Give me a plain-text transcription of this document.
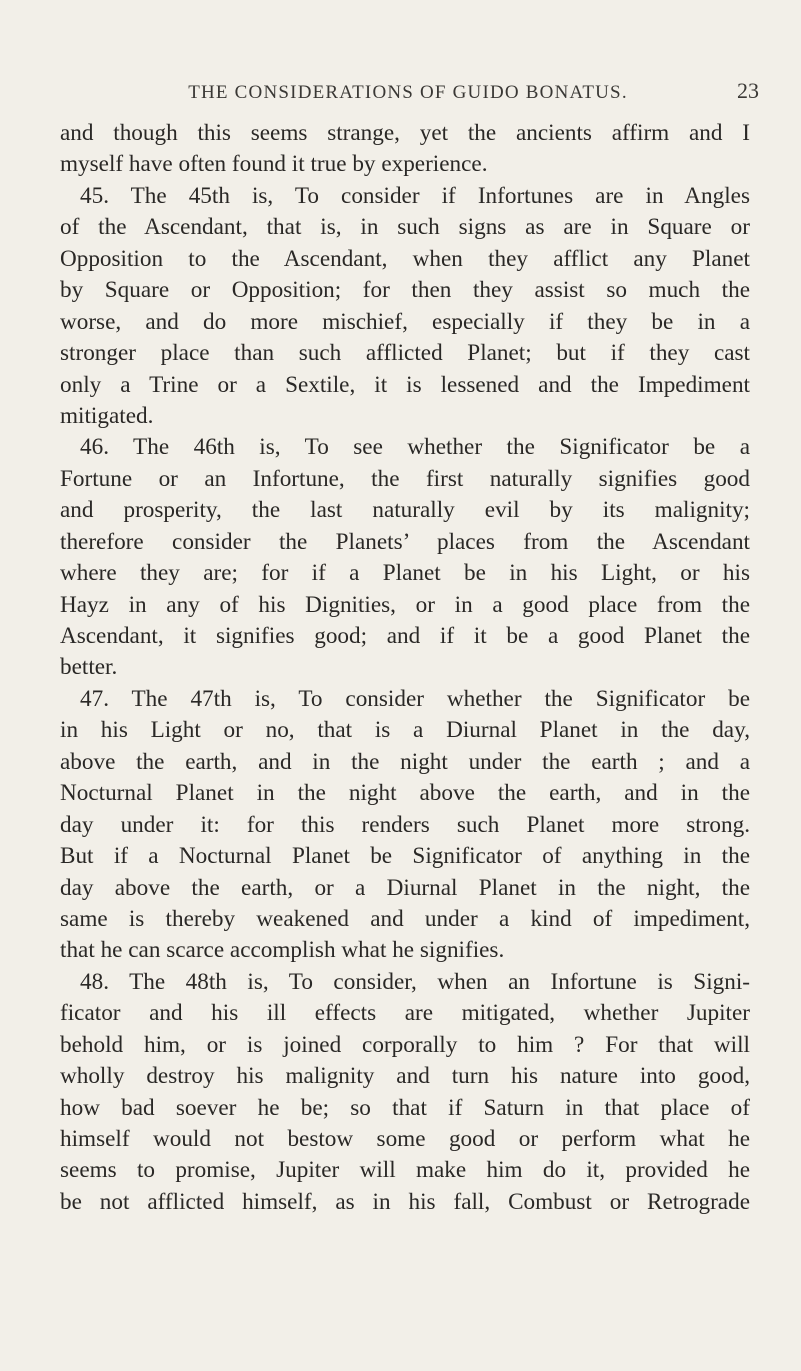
THE CONSIDERATIONS OF GUIDO BONATUS.	23
and though this seems strange, yet the ancients affirm and I
myself have often found it true by experience.
45. The 45th is, To consider if Infortunes are in Angles
of the Ascendant, that is, in such signs as are in Square or
Opposition to the Ascendant, when they afflict any Planet
by Square or Opposition; for then they assist so much the
worse, and do more mischief, especially if they be in a
stronger place than such afflicted Planet; but if they cast
only a Trine or a Sextile, it is lessened and the Impediment
mitigated.
46. The 46th is, To see whether the Significator be a
Fortune or an Infortune, the first naturally signifies good
and prosperity, the last naturally evil by its malignity;
therefore consider the Planets’ places from the Ascendant
where they are; for if a Planet be in his Light, or his
Hayz in any of his Dignities, or in a good place from the
Ascendant, it signifies good; and if it be a good Planet the
better.
47. The 47th is, To consider whether the Significator be
in his Light or no, that is a Diurnal Planet in the day,
above the earth, and in the night under the earth ; and a
Nocturnal Planet in the night above the earth, and in the
day under it: for this renders such Planet more strong.
But if a Nocturnal Planet be Significator of anything in the
day above the earth, or a Diurnal Planet in the night, the
same is thereby weakened and under a kind of impediment,
that he can scarce accomplish what he signifies.
48. The 48th is, To consider, when an Infortune is Signi-
ficator and his ill effects are mitigated, whether Jupiter
behold him, or is joined corporally to him ? For that will
wholly destroy his malignity and turn his nature into good,
how bad soever he be; so that if Saturn in that place of
himself would not bestow some good or perform what he
seems to promise, Jupiter will make him do it, provided he
be not afflicted himself, as in his fall, Combust or Retrograde
